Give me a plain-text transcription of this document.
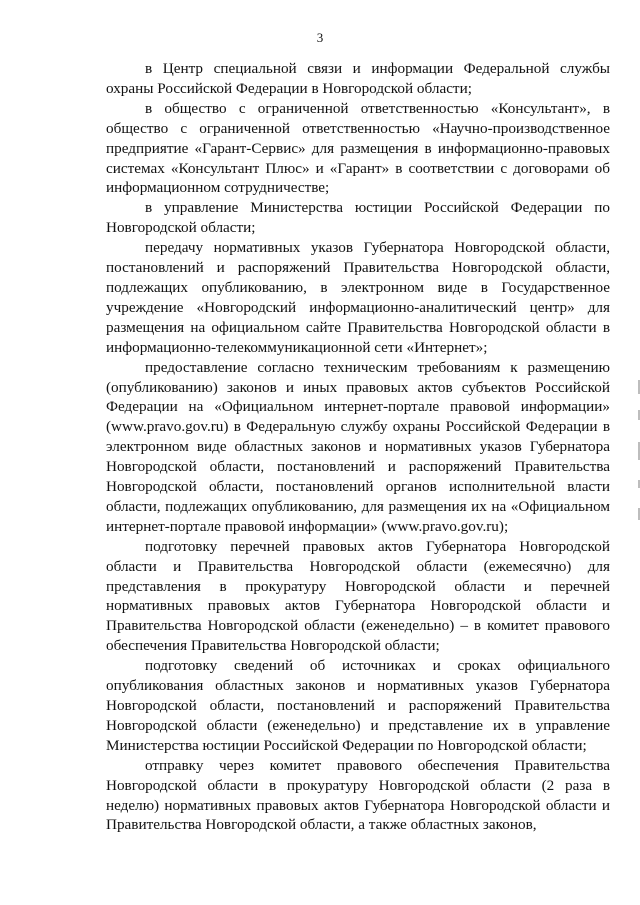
3

в Центр специальной связи и информации Федеральной службы охраны Российской Федерации в Новгородской области;

в общество с ограниченной ответственностью «Консультант», в общество с ограниченной ответственностью «Научно-производственное предприятие «Гарант-Сервис» для размещения в информационно-правовых системах «Консультант Плюс» и «Гарант» в соответствии с договорами об информационном сотрудничестве;

в управление Министерства юстиции Российской Федерации по Новгородской области;

передачу нормативных указов Губернатора Новгородской области, постановлений и распоряжений Правительства Новгородской области, подлежащих опубликованию, в электронном виде в Государственное учреждение «Новгородский информационно-аналитический центр» для размещения на официальном сайте Правительства Новгородской области в информационно-телекоммуникационной сети «Интернет»;

предоставление согласно техническим требованиям к размещению (опубликованию) законов и иных правовых актов субъектов Российской Федерации на «Официальном интернет-портале правовой информации» (www.pravo.gov.ru) в Федеральную службу охраны Российской Федерации в электронном виде областных законов и нормативных указов Губернатора Новгородской области, постановлений и распоряжений Правительства Новгородской области, постановлений органов исполнительной власти области, подлежащих опубликованию, для размещения их на «Официальном интернет-портале правовой информации» (www.pravo.gov.ru);

подготовку перечней правовых актов Губернатора Новгородской области и Правительства Новгородской области (ежемесячно) для представления в прокуратуру Новгородской области и перечней нормативных правовых актов Губернатора Новгородской области и Правительства Новгородской области (еженедельно) – в комитет правового обеспечения Правительства Новгородской области;

подготовку сведений об источниках и сроках официального опубликования областных законов и нормативных указов Губернатора Новгородской области, постановлений и распоряжений Правительства Новгородской области (еженедельно) и представление их в управление Министерства юстиции Российской Федерации по Новгородской области;

отправку через комитет правового обеспечения Правительства Новгородской области в прокуратуру Новгородской области (2 раза в неделю) нормативных правовых актов Губернатора Новгородской области и Правительства Новгородской области, а также областных законов,
